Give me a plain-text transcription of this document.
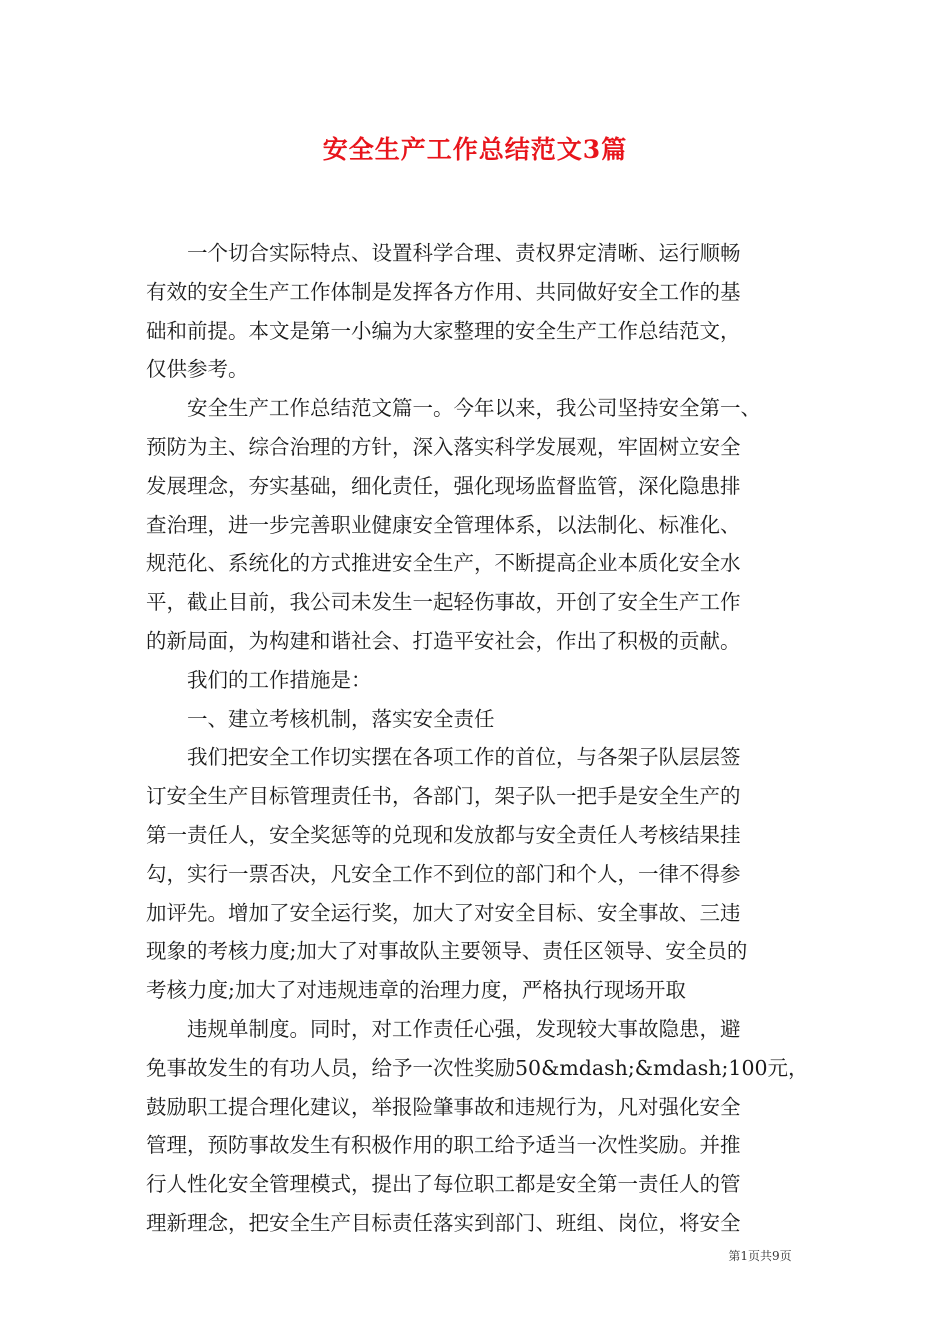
安全生产工作总结范文3篇
一个切合实际特点、设置科学合理、责权界定清晰、运行顺畅
有效的安全生产工作体制是发挥各方作用、共同做好安全工作的基
础和前提。本文是第一小编为大家整理的安全生产工作总结范文，
仅供参考。
安全生产工作总结范文篇一。今年以来，我公司坚持安全第一、
预防为主、综合治理的方针，深入落实科学发展观，牢固树立安全
发展理念，夯实基础，细化责任，强化现场监督监管，深化隐患排
查治理，进一步完善职业健康安全管理体系，以法制化、标准化、
规范化、系统化的方式推进安全生产，不断提高企业本质化安全水
平，截止目前，我公司未发生一起轻伤事故，开创了安全生产工作
的新局面，为构建和谐社会、打造平安社会，作出了积极的贡献。
我们的工作措施是：
一、建立考核机制，落实安全责任
我们把安全工作切实摆在各项工作的首位，与各架子队层层签
订安全生产目标管理责任书，各部门，架子队一把手是安全生产的
第一责任人，安全奖惩等的兑现和发放都与安全责任人考核结果挂
勾，实行一票否决，凡安全工作不到位的部门和个人，一律不得参
加评先。增加了安全运行奖，加大了对安全目标、安全事故、三违
现象的考核力度;加大了对事故队主要领导、责任区领导、安全员的
考核力度;加大了对违规违章的治理力度，严格执行现场开取
违规单制度。同时，对工作责任心强，发现较大事故隐患，避
免事故发生的有功人员，给予一次性奖励50&mdash;&mdash;100元，
鼓励职工提合理化建议，举报险肇事故和违规行为，凡对强化安全
管理，预防事故发生有积极作用的职工给予适当一次性奖励。并推
行人性化安全管理模式，提出了每位职工都是安全第一责任人的管
理新理念，把安全生产目标责任落实到部门、班组、岗位，将安全
第1页共9页
